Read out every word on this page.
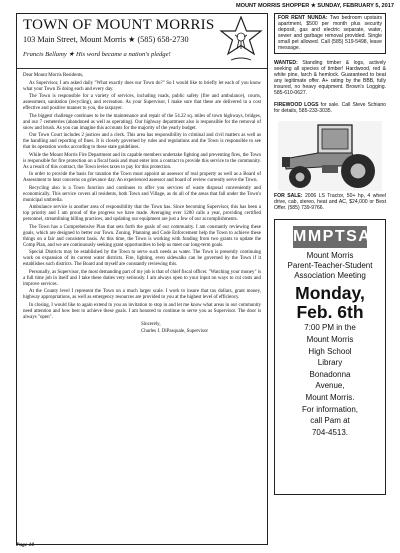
MOUNT MORRIS SHOPPER ★ SUNDAY, FEBRUARY 5, 2017
TOWN OF MOUNT MORRIS
103 Main Street, Mount Morris ★ (585) 658-2730
Francis Bellamy ★ His word became a nation's pledge!

Dear Mount Morris Residents,

As Supervisor, I am asked daily "What exactly does our Town do?" So I would like to briefly let each of you know what your Town IS doing each and every day.

The Town is responsible for a variety of services, including roads, public safety (fire and ambulance), courts, assessment, sanitation (recycling), and recreation. As your Supervisor, I make sure that these are delivered in a cost effective and positive manner to you, the taxpayer.

The biggest challenge continues to be the maintenance and repair of the 54.22 sq. miles of town highways, bridges, and our 7 cemeteries (abandoned as well as operating). Our highway department also is responsible for the removal of snow and brush. As you can imagine this accounts for the majority of the yearly budget.

Our Town Court includes 2 justices and a clerk. This area has responsibility in criminal and civil matters as well as the handling and reporting of fines. It is closely governed by rules and regulations and the Town is responsible to see that its operation works according to these state guidelines.

While the Mount Morris Fire Department and its capable members undertake fighting and preventing fires, the Town is responsible for fire protection on a fiscal basis and must enter into a contract to provide this service to the community. As a result of this contract, the Town levies taxes to pay for this protection.

In order to provide the basis for taxation the Town must appoint an assessor of real property as well as a Board of Assessment to hear concerns on grievance day. An experienced assessor and board of review currently serve the Town.

Recycling also is a Town function and continues to offer you services of waste disposal conveniently and economically. This service covers all residents, both Town and Village, as do all of the areas that fall under the Town's municipal umbrella.

Ambulance service is another area of responsibility that the Town has. Since becoming Supervisor, this has been a top priority and I am proud of the progress we have made. Averaging over 1200 calls a year, providing certified personnel, streamlining billing practices, and updating our equipment are just a few of our accomplishments.

The Town has a Comprehensive Plan that sets forth the goals of our community. I am constantly reviewing these goals, which are designed to better our Town. Zoning, Planning and Code Enforcement help the Town to achieve these things on a fair and consistent basis. At this time, the Town is working with funding from two grants to update the Comp Plan, and we are continuously seeking grant opportunities to help us meet our long-term goals.

Special Districts may be established by the Town to serve such needs as water. The Town is presently continuing work on expansion of its current water districts. Fire, lighting, even sidewalks can be governed by the Town if it establishes such districts. The Board and myself are constantly reviewing this.

Personally, as Supervisor, the most demanding part of my job is that of chief fiscal officer. "Watching your money" is a full time job in itself and I take these duties very seriously. I am always open to your input on ways to cut costs and improve services.

At the County level I represent the Town on a much larger scale. I work to insure that tax dollars, grant money, highway appropriations, as well as emergency resources are provided to you at the highest level of efficiency.

In closing, I would like to again extend to you an invitation to stop in and let me know what areas in our community need attention and how best to achieve these goals. I am honored to continue to serve you as Supervisor. The door is always "open".

Sincerely,
Charles J. DiPasquale, Supervisor
FOR RENT NUNDA: Two bedroom upstairs apartment, $500 per month plus security deposit, gas and electric separate, water, sewer and garbage removal provided. Single small pet allowed. Call (585) 519-5498, leave message.
WANTED: Standing timber & logs, actively seeking all species of timber! Hardwood, red & white pine, larch & hemlock. Guaranteed to beat any legitimate offer. A+ rating by the BBB, fully insured, no heavy equipment. Brown's Logging. 585-610-0627.
FIREWOOD LOGS for sale. Call Steve Schiano for details, 585-233-3035.
FOR SALE: 2006 LS Tractor, 50+ hp, 4 wheel drive, cab, stereo, heat and AC, $24,000 or Best Offer. (585) 739-9766.
MMPTSA
Mount Morris
Parent-Teacher-Student
Association Meeting
Monday,
Feb. 6th
7:00 PM in the
Mount Morris
High School
Library
Bonadonna
Avenue,
Mount Morris.
For information,
call Pam at
704-4513.
Page 10
